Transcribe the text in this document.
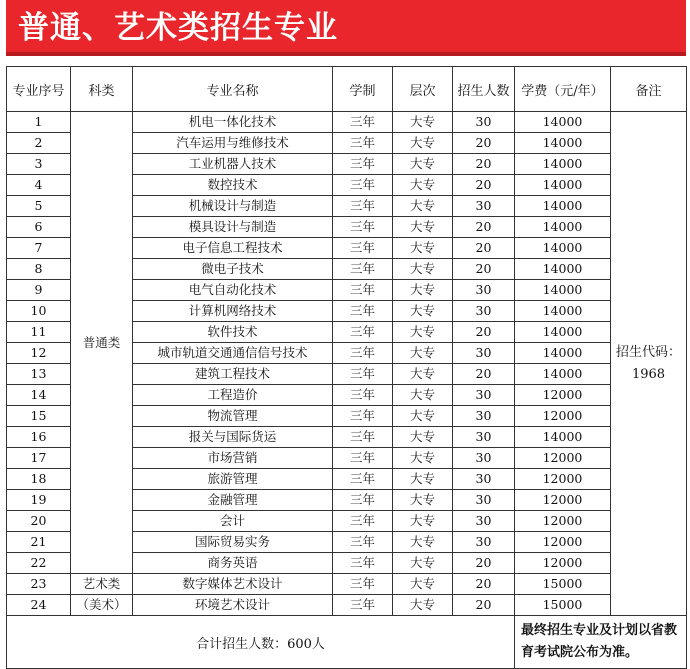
普通、艺术类招生专业
专业序号	科类	专业名称	学制	层次	招生人数	学费（元/年）	备注
1	普通类	机电一体化技术	三年	大专	30	14000	招生代码：
1968

2		汽车运用与维修技术	三年	大专	20	14000	
3		工业机器人技术	三年	大专	20	14000	
4		数控技术	三年	大专	20	14000	
5		机械设计与制造	三年	大专	30	14000	
6		模具设计与制造	三年	大专	20	14000	
7		电子信息工程技术	三年	大专	20	14000	
8		微电子技术	三年	大专	20	14000	
9		电气自动化技术	三年	大专	30	14000	
10		计算机网络技术	三年	大专	30	14000	
11		软件技术	三年	大专	20	14000	
12		城市轨道交通通信信号技术	三年	大专	30	14000	
13		建筑工程技术	三年	大专	20	14000	
14		工程造价	三年	大专	30	12000	
15		物流管理	三年	大专	30	12000	
16		报关与国际货运	三年	大专	30	14000	
17		市场营销	三年	大专	30	12000	
18		旅游管理	三年	大专	30	12000	
19		金融管理	三年	大专	30	12000	
20		会计	三年	大专	30	12000	
21		国际贸易实务	三年	大专	30	12000	
22		商务英语	三年	大专	20	12000	
23	艺术类	数字媒体艺术设计	三年	大专	20	15000	
24	（美术）	环境艺术设计	三年	大专	20	15000	
合计招生人数：600人						最终招生专业及计划以省教育考试院公布为准。	
